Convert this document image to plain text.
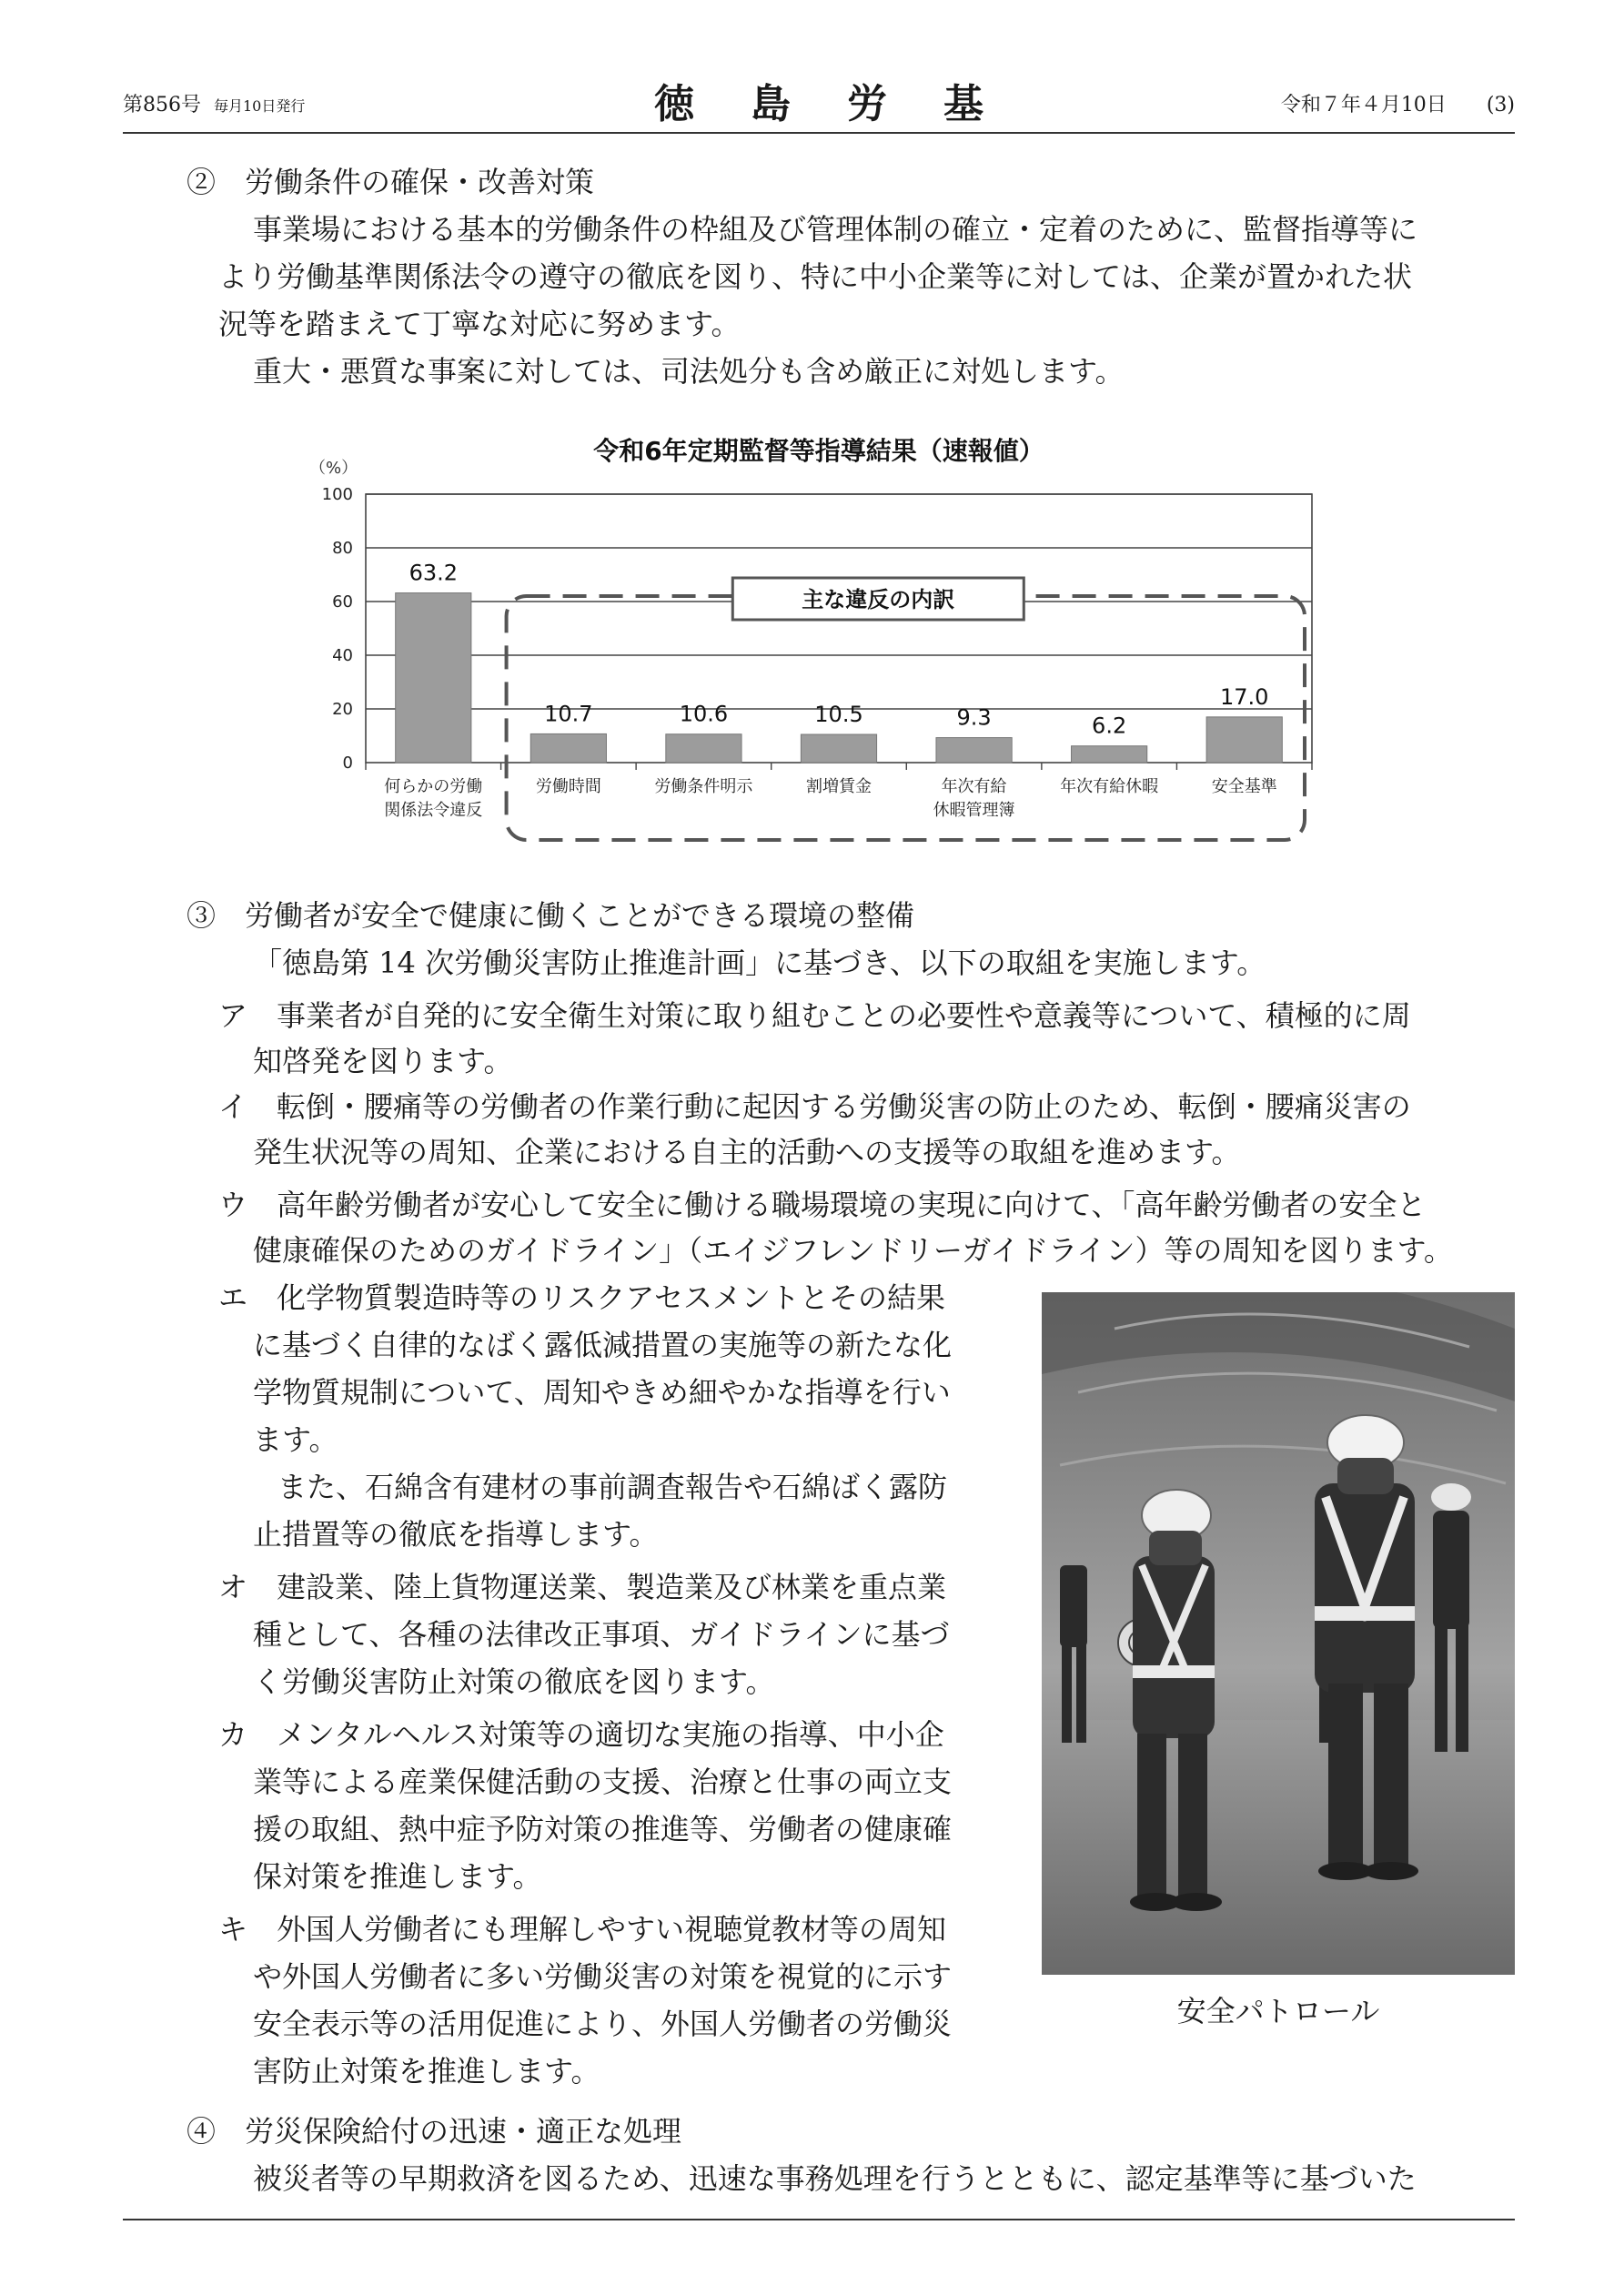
第856号 毎月10日発行	徳島労基	令和７年４月10日　　 (3)
②　労働条件の確保・改善対策
事業場における基本的労働条件の枠組及び管理体制の確立・定着のために、監督指導等に
より労働基準関係法令の遵守の徹底を図り、特に中小企業等に対しては、企業が置かれた状
況等を踏まえて丁寧な対応に努めます。
重大・悪質な事案に対しては、司法処分も含め厳正に対処します。
令和6年定期監督等指導結果（速報値）
（%）
0
20
40
60
80
100
主な違反の内訳
63.2
何らかの労働
関係法令違反
10.7
労働時間
10.6
労働条件明示
10.5
割増賃金
9.3
年次有給
休暇管理簿
6.2
年次有給休暇
17.0
安全基準
③　労働者が安全で健康に働くことができる環境の整備
「徳島第 14 次労働災害防止推進計画」に基づき、以下の取組を実施します。
ア　事業者が自発的に安全衛生対策に取り組むことの必要性や意義等について、積極的に周
知啓発を図ります。
イ　転倒・腰痛等の労働者の作業行動に起因する労働災害の防止のため、転倒・腰痛災害の
発生状況等の周知、企業における自主的活動への支援等の取組を進めます。
ウ　高年齢労働者が安心して安全に働ける職場環境の実現に向けて、「高年齢労働者の安全と
健康確保のためのガイドライン」（エイジフレンドリーガイドライン）等の周知を図ります。
エ　化学物質製造時等のリスクアセスメントとその結果
に基づく自律的なばく露低減措置の実施等の新たな化
学物質規制について、周知やきめ細やかな指導を行い
ます。
また、石綿含有建材の事前調査報告や石綿ばく露防
止措置等の徹底を指導します。
オ　建設業、陸上貨物運送業、製造業及び林業を重点業
種として、各種の法律改正事項、ガイドラインに基づ
く労働災害防止対策の徹底を図ります。
カ　メンタルヘルス対策等の適切な実施の指導、中小企
業等による産業保健活動の支援、治療と仕事の両立支
援の取組、熱中症予防対策の推進等、労働者の健康確
保対策を推進します。
キ　外国人労働者にも理解しやすい視聴覚教材等の周知
や外国人労働者に多い労働災害の対策を視覚的に示す
安全表示等の活用促進により、外国人労働者の労働災
害防止対策を推進します。
安全パトロール
④　労災保険給付の迅速・適正な処理
被災者等の早期救済を図るため、迅速な事務処理を行うとともに、認定基準等に基づいた
